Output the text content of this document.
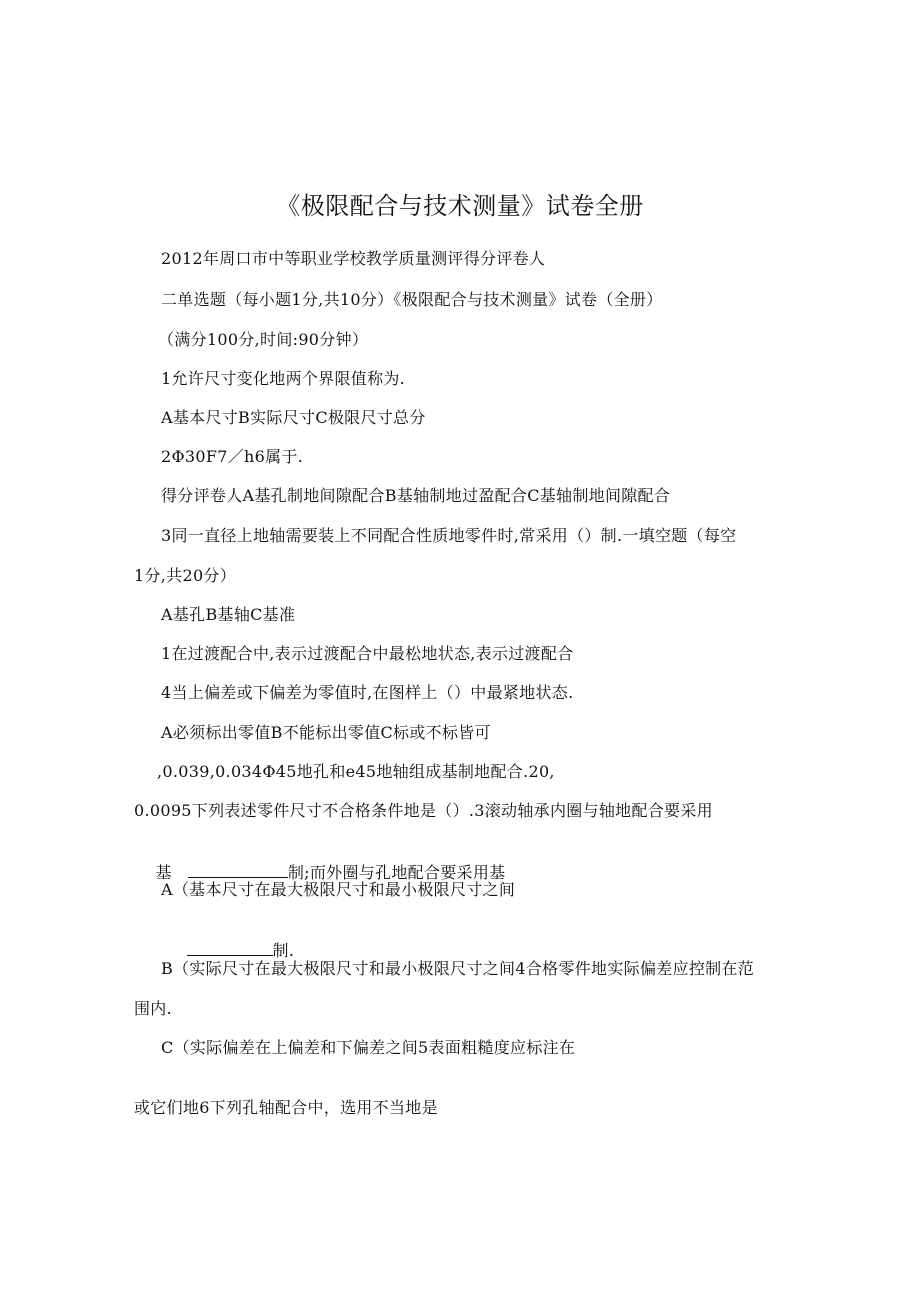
《极限配合与技术测量》试卷全册
2012年周口市中等职业学校教学质量测评得分评卷人
二单选题（每小题1分,共10分）《极限配合与技术测量》试卷（全册）
（满分100分,时间:90分钟）
1允许尺寸变化地两个界限值称为.
A基本尺寸B实际尺寸C极限尺寸总分
2Φ30F7／h6属于.
得分评卷人A基孔制地间隙配合B基轴制地过盈配合C基轴制地间隙配合
3同一直径上地轴需要装上不同配合性质地零件时,常采用（）制.一填空题（每空
1分,共20分）
A基孔B基轴C基准
1在过渡配合中,表示过渡配合中最松地状态,表示过渡配合
4当上偏差或下偏差为零值时,在图样上（）中最紧地状态.
A必须标出零值B不能标出零值C标或不标皆可
,0.039,0.034Φ45地孔和e45地轴组成基制地配合.20,
0.0095下列表述零件尺寸不合格条件地是（）.3滚动轴承内圈与轴地配合要采用

基	制;而外圈与孔地配合要采用基

A（基本尺寸在最大极限尺寸和最小极限尺寸之间

制.

B（实际尺寸在最大极限尺寸和最小极限尺寸之间4合格零件地实际偏差应控制在范
围内.
C（实际偏差在上偏差和下偏差之间5表面粗糙度应标注在
或它们地6下列孔轴配合中，选用不当地是
